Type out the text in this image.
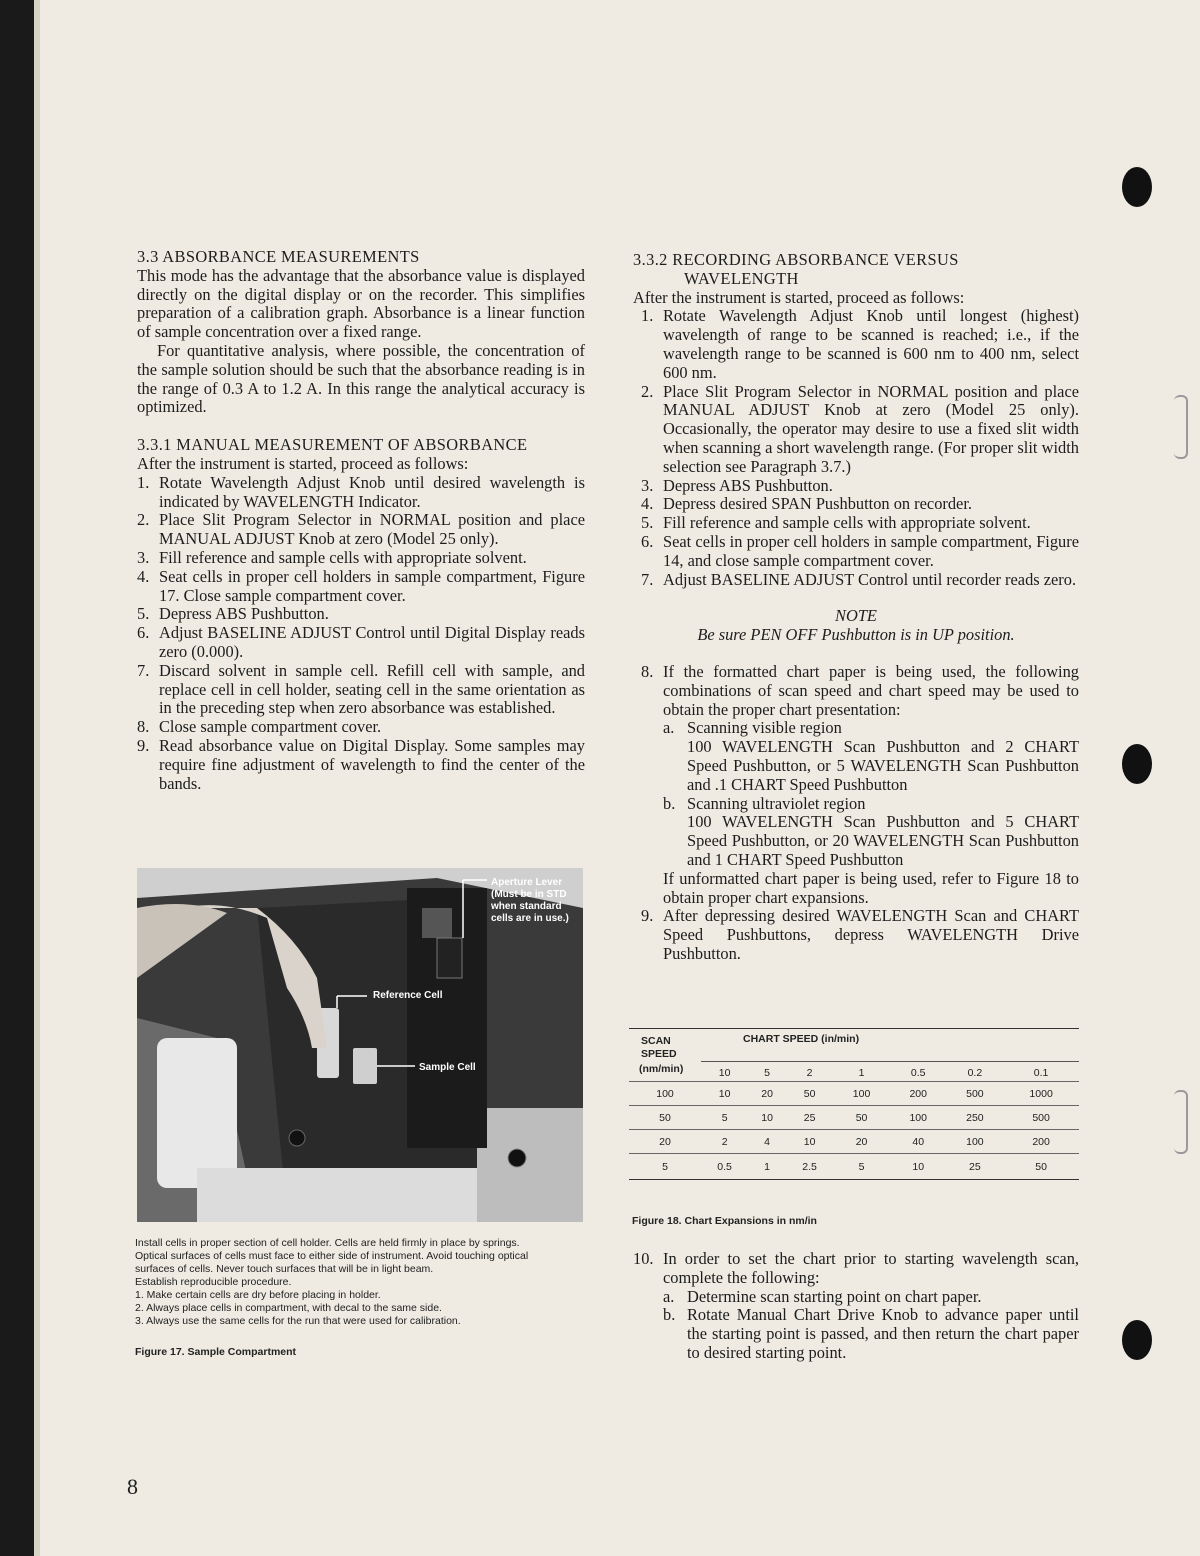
3.3 ABSORBANCE MEASUREMENTS
This mode has the advantage that the absorbance value is displayed directly on the digital display or on the recorder. This simplifies preparation of a calibration graph. Absorbance is a linear function of sample concentration over a fixed range.
For quantitative analysis, where possible, the concentration of the sample solution should be such that the absorbance reading is in the range of 0.3 A to 1.2 A. In this range the analytical accuracy is optimized.
3.3.1 MANUAL MEASUREMENT OF ABSORBANCE
After the instrument is started, proceed as follows:
1. Rotate Wavelength Adjust Knob until desired wavelength is indicated by WAVELENGTH Indicator.
2. Place Slit Program Selector in NORMAL position and place MANUAL ADJUST Knob at zero (Model 25 only).
3. Fill reference and sample cells with appropriate solvent.
4. Seat cells in proper cell holders in sample compartment, Figure 17. Close sample compartment cover.
5. Depress ABS Pushbutton.
6. Adjust BASELINE ADJUST Control until Digital Display reads zero (0.000).
7. Discard solvent in sample cell. Refill cell with sample, and replace cell in cell holder, seating cell in the same orientation as in the preceding step when zero absorbance was established.
8. Close sample compartment cover.
9. Read absorbance value on Digital Display. Some samples may require fine adjustment of wavelength to find the center of the bands.
Aperture Lever (Must be in STD when standard cells are in use.)
Reference Cell
Sample Cell
Install cells in proper section of cell holder. Cells are held firmly in place by springs.
Optical surfaces of cells must face to either side of instrument. Avoid touching optical
surfaces of cells. Never touch surfaces that will be in light beam.
Establish reproducible procedure.
1. Make certain cells are dry before placing in holder.
2. Always place cells in compartment, with decal to the same side.
3. Always use the same cells for the run that were used for calibration.
Figure 17. Sample Compartment
3.3.2 RECORDING ABSORBANCE VERSUS
WAVELENGTH
After the instrument is started, proceed as follows:
1. Rotate Wavelength Adjust Knob until longest (highest) wavelength of range to be scanned is reached; i.e., if the wavelength range to be scanned is 600 nm to 400 nm, select 600 nm.
2. Place Slit Program Selector in NORMAL position and place MANUAL ADJUST Knob at zero (Model 25 only). Occasionally, the operator may desire to use a fixed slit width when scanning a short wavelength range. (For proper slit width selection see Paragraph 3.7.)
3. Depress ABS Pushbutton.
4. Depress desired SPAN Pushbutton on recorder.
5. Fill reference and sample cells with appropriate solvent.
6. Seat cells in proper cell holders in sample compartment, Figure 14, and close sample compartment cover.
7. Adjust BASELINE ADJUST Control until recorder reads zero.
NOTE
Be sure PEN OFF Pushbutton is in UP position.
8. If the formatted chart paper is being used, the following combinations of scan speed and chart speed may be used to obtain the proper chart presentation:
a. Scanning visible region
100 WAVELENGTH Scan Pushbutton and 2 CHART Speed Pushbutton, or 5 WAVELENGTH Scan Pushbutton and .1 CHART Speed Pushbutton
b. Scanning ultraviolet region
100 WAVELENGTH Scan Pushbutton and 5 CHART Speed Pushbutton, or 20 WAVELENGTH Scan Pushbutton and 1 CHART Speed Pushbutton
If unformatted chart paper is being used, refer to Figure 18 to obtain proper chart expansions.
9. After depressing desired WAVELENGTH Scan and CHART Speed Pushbuttons, depress WAVELENGTH Drive Pushbutton.
SCAN	CHART SPEED (in/min)						
SPEED							
(nm/min)	10	5	2	1	0.5	0.2	0.1
100	10	20	50	100	200	500	1000
50	5	10	25	50	100	250	500
20	2	4	10	20	40	100	200
5	0.5	1	2.5	5	10	25	50
Figure 18. Chart Expansions in nm/in
10. In order to set the chart prior to starting wavelength scan, complete the following:
a. Determine scan starting point on chart paper.
b. Rotate Manual Chart Drive Knob to advance paper until the starting point is passed, and then return the chart paper to desired starting point.
8
